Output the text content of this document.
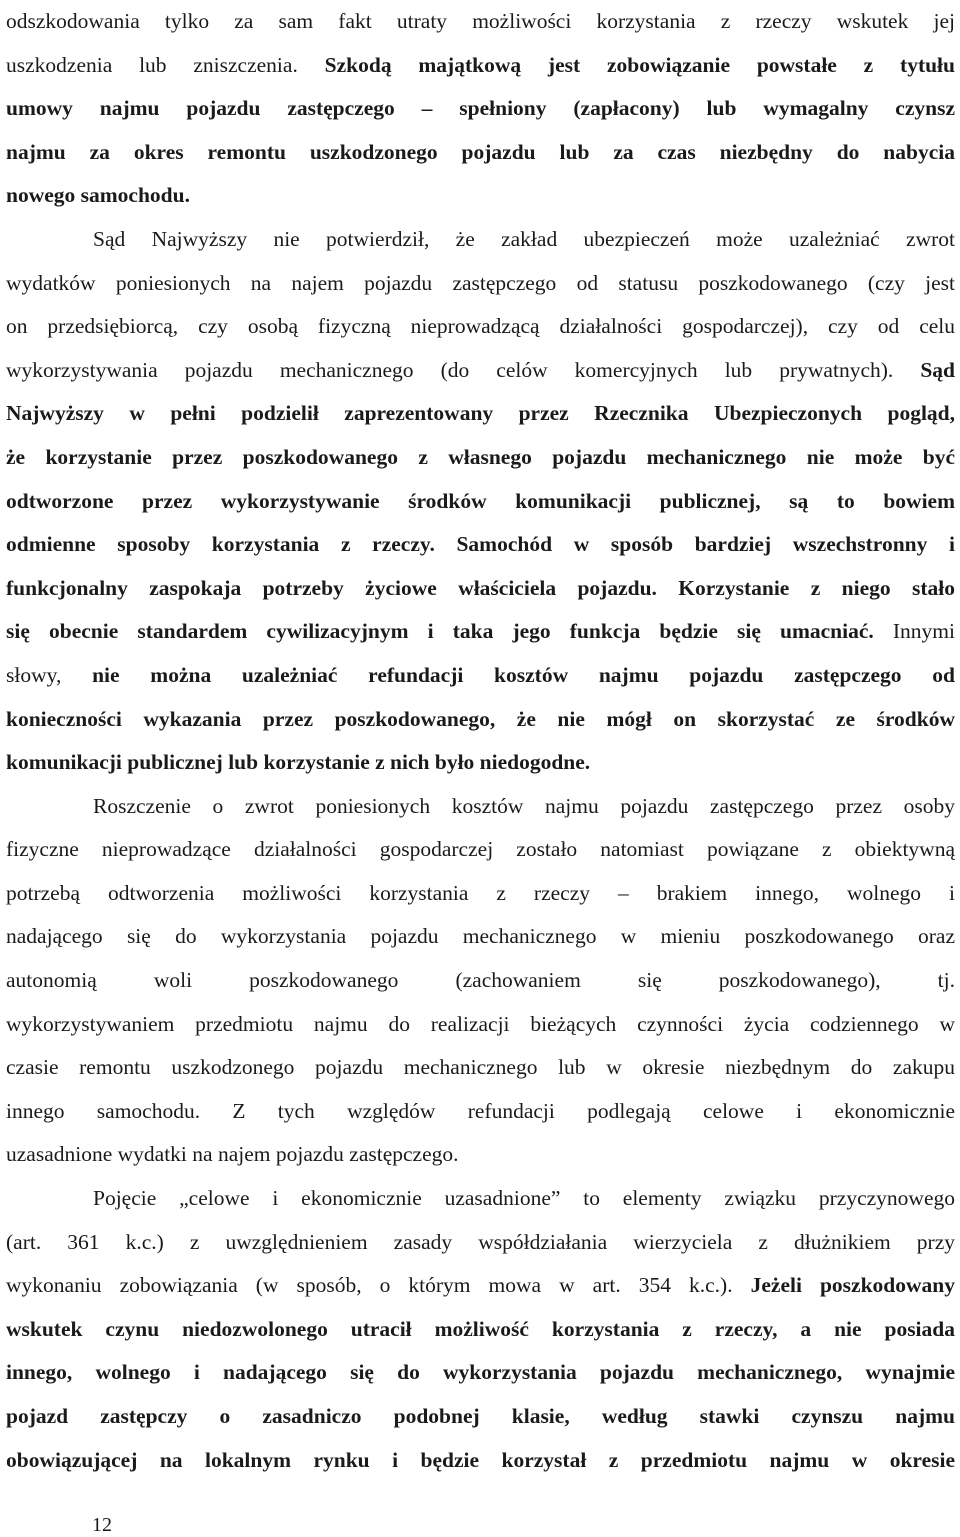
odszkodowania tylko za sam fakt utraty możliwości korzystania z rzeczy wskutek jej
uszkodzenia lub zniszczenia. Szkodą majątkową jest zobowiązanie powstałe z tytułu
umowy najmu pojazdu zastępczego – spełniony (zapłacony) lub wymagalny czynsz
najmu za okres remontu uszkodzonego pojazdu lub za czas niezbędny do nabycia
nowego samochodu.
Sąd Najwyższy nie potwierdził, że zakład ubezpieczeń może uzależniać zwrot
wydatków poniesionych na najem pojazdu zastępczego od statusu poszkodowanego (czy jest
on przedsiębiorcą, czy osobą fizyczną nieprowadzącą działalności gospodarczej), czy od celu
wykorzystywania pojazdu mechanicznego (do celów komercyjnych lub prywatnych). Sąd
Najwyższy w pełni podzielił zaprezentowany przez Rzecznika Ubezpieczonych pogląd,
że korzystanie przez poszkodowanego z własnego pojazdu mechanicznego nie może być
odtworzone przez wykorzystywanie środków komunikacji publicznej, są to bowiem
odmienne sposoby korzystania z rzeczy. Samochód w sposób bardziej wszechstronny i
funkcjonalny zaspokaja potrzeby życiowe właściciela pojazdu. Korzystanie z niego stało
się obecnie standardem cywilizacyjnym i taka jego funkcja będzie się umacniać. Innymi
słowy, nie można uzależniać refundacji kosztów najmu pojazdu zastępczego od
konieczności wykazania przez poszkodowanego, że nie mógł on skorzystać ze środków
komunikacji publicznej lub korzystanie z nich było niedogodne.
Roszczenie o zwrot poniesionych kosztów najmu pojazdu zastępczego przez osoby
fizyczne nieprowadzące działalności gospodarczej zostało natomiast powiązane z obiektywną
potrzebą odtworzenia możliwości korzystania z rzeczy – brakiem innego, wolnego i
nadającego się do wykorzystania pojazdu mechanicznego w mieniu poszkodowanego oraz
autonomią woli poszkodowanego (zachowaniem się poszkodowanego), tj.
wykorzystywaniem przedmiotu najmu do realizacji bieżących czynności życia codziennego w
czasie remontu uszkodzonego pojazdu mechanicznego lub w okresie niezbędnym do zakupu
innego samochodu. Z tych względów refundacji podlegają celowe i ekonomicznie
uzasadnione wydatki na najem pojazdu zastępczego.
Pojęcie „celowe i ekonomicznie uzasadnione” to elementy związku przyczynowego
(art. 361 k.c.) z uwzględnieniem zasady współdziałania wierzyciela z dłużnikiem przy
wykonaniu zobowiązania (w sposób, o którym mowa w art. 354 k.c.). Jeżeli poszkodowany
wskutek czynu niedozwolonego utracił możliwość korzystania z rzeczy, a nie posiada
innego, wolnego i nadającego się do wykorzystania pojazdu mechanicznego, wynajmie
pojazd zastępczy o zasadniczo podobnej klasie, według stawki czynszu najmu
obowiązującej na lokalnym rynku i będzie korzystał z przedmiotu najmu w okresie
12
